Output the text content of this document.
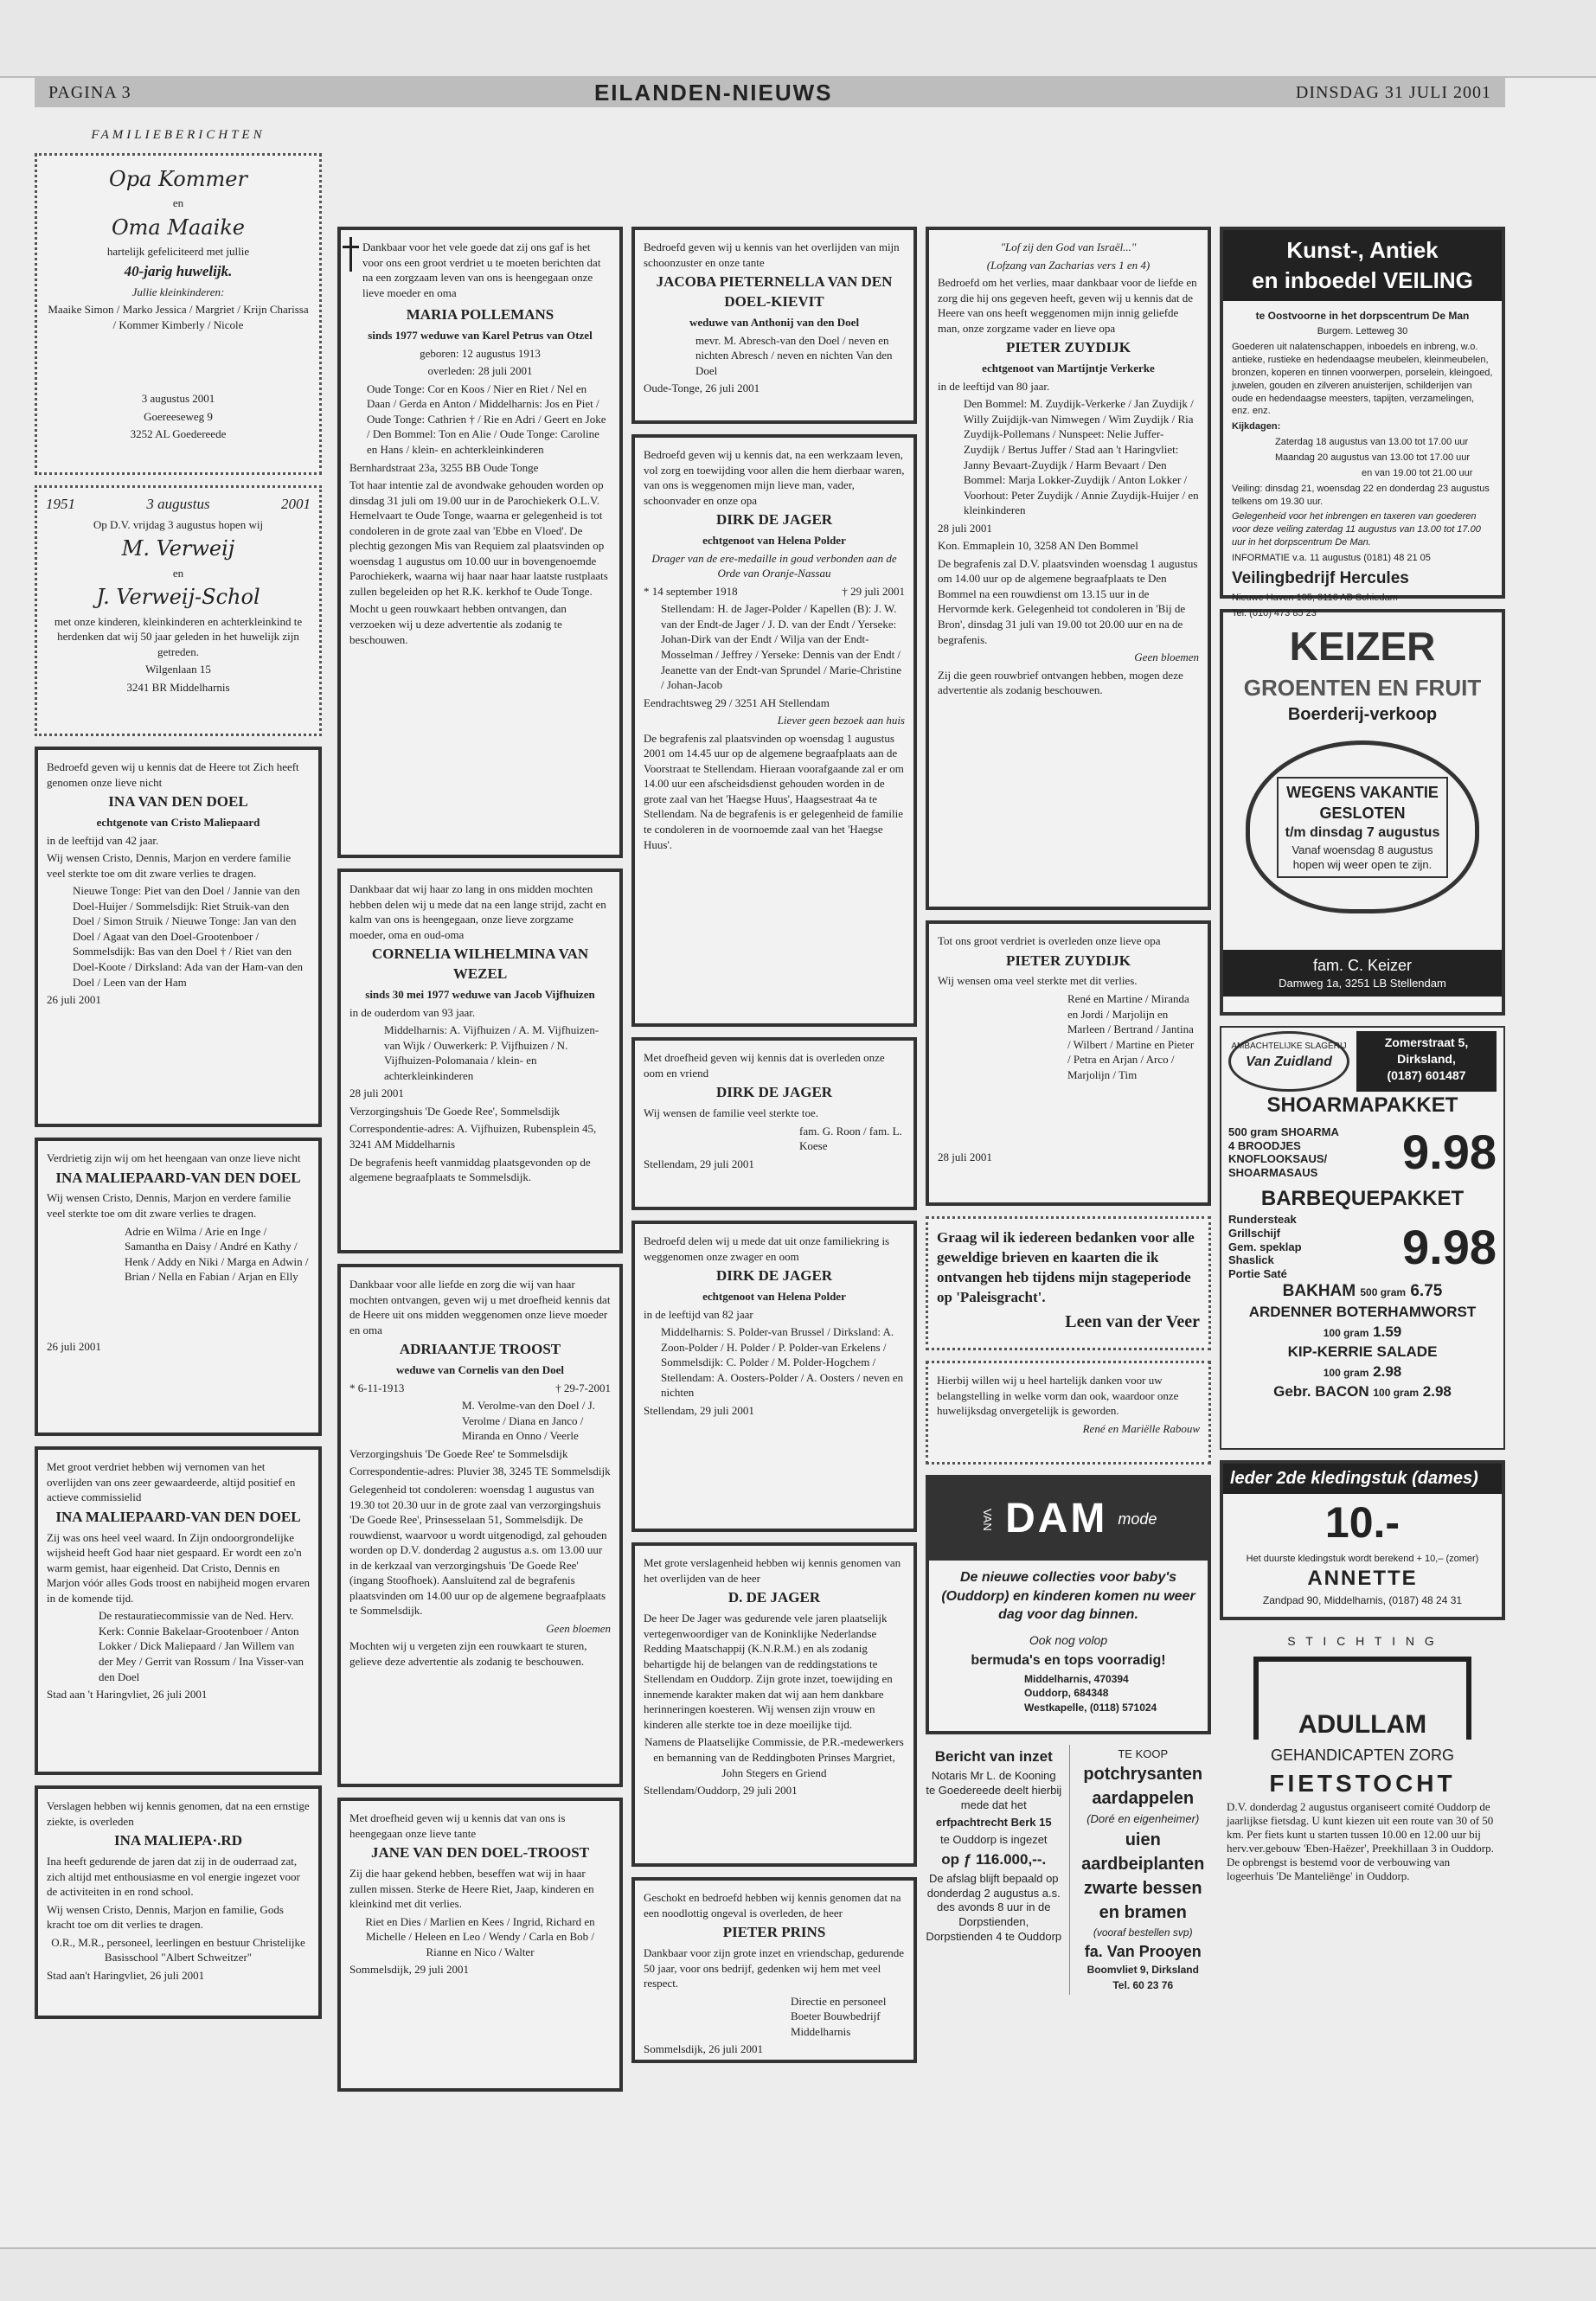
PAGINA 3	EILANDEN-NIEUWS	DINSDAG 31 JULI 2001
FAMILIEBERICHTEN

Opa Kommer

en

Oma Maaike

hartelijk gefeliciteerd met jullie

40-jarig huwelijk.

Jullie kleinkinderen:

Maaike Simon / Marko Jessica / Margriet / Krijn Charissa / Kommer Kimberly / Nicole

3 augustus 2001

Goereeseweg 9

3252 AL Goedereede

1951	3 augustus	2001

Op D.V. vrijdag 3 augustus hopen wij

M. Verweij

en

J. Verweij-Schol

met onze kinderen, kleinkinderen en achterkleinkind te herdenken dat wij 50 jaar geleden in het huwelijk zijn getreden.

Wilgenlaan 15

3241 BR Middelharnis

Bedroefd geven wij u kennis dat de Heere tot Zich heeft genomen onze lieve nicht

INA VAN DEN DOEL

echtgenote van Cristo Maliepaard

in de leeftijd van 42 jaar.

Wij wensen Cristo, Dennis, Marjon en verdere familie veel sterkte toe om dit zware verlies te dragen.

Nieuwe Tonge: Piet van den Doel / Jannie van den Doel-Huijer / Sommelsdijk: Riet Struik-van den Doel / Simon Struik / Nieuwe Tonge: Jan van den Doel / Agaat van den Doel-Grootenboer / Sommelsdijk: Bas van den Doel † / Riet van den Doel-Koote / Dirksland: Ada van der Ham-van den Doel / Leen van der Ham

26 juli 2001

Verdrietig zijn wij om het heengaan van onze lieve nicht

INA MALIEPAARD-VAN DEN DOEL

Wij wensen Cristo, Dennis, Marjon en verdere familie veel sterkte toe om dit zware verlies te dragen.

Adrie en Wilma / Arie en Inge / Samantha en Daisy / André en Kathy / Henk / Addy en Niki / Marga en Adwin / Brian / Nella en Fabian / Arjan en Elly

26 juli 2001

Met groot verdriet hebben wij vernomen van het overlijden van ons zeer gewaardeerde, altijd positief en actieve commissielid

INA MALIEPAARD-VAN DEN DOEL

Zij was ons heel veel waard. In Zijn ondoorgrondelijke wijsheid heeft God haar niet gespaard. Er wordt een zo'n warm gemist, haar eigenheid. Dat Cristo, Dennis en Marjon vóór alles Gods troost en nabijheid mogen ervaren in de komende tijd.

De restauratiecommissie van de Ned. Herv. Kerk: Connie Bakelaar-Grootenboer / Anton Lokker / Dick Maliepaard / Jan Willem van der Mey / Gerrit van Rossum / Ina Visser-van den Doel

Stad aan 't Haringvliet, 26 juli 2001

Verslagen hebben wij kennis genomen, dat na een ernstige ziekte, is overleden

INA MALIEPA·.RD

Ina heeft gedurende de jaren dat zij in de ouderraad zat, zich altijd met enthousiasme en vol energie ingezet voor de activiteiten in en rond school.

Wij wensen Cristo, Dennis, Marjon en familie, Gods kracht toe om dit verlies te dragen.

O.R., M.R., personeel, leerlingen en bestuur Christelijke Basisschool "Albert Schweitzer"

Stad aan't Haringvliet, 26 juli 2001

Dankbaar voor het vele goede dat zij ons gaf is het voor ons een groot verdriet u te moeten berichten dat na een zorgzaam leven van ons is heengegaan onze lieve moeder en oma

MARIA POLLEMANS

sinds 1977 weduwe van Karel Petrus van Otzel

geboren: 12 augustus 1913

overleden: 28 juli 2001

Oude Tonge: Cor en Koos / Nier en Riet / Nel en Daan / Gerda en Anton / Middelharnis: Jos en Piet / Oude Tonge: Cathrien † / Rie en Adri / Geert en Joke / Den Bommel: Ton en Alie / Oude Tonge: Caroline en Hans / klein- en achterkleinkinderen

Bernhardstraat 23a, 3255 BB Oude Tonge

Tot haar intentie zal de avondwake gehouden worden op dinsdag 31 juli om 19.00 uur in de Parochiekerk O.L.V. Hemelvaart te Oude Tonge, waarna er gelegenheid is tot condoleren in de grote zaal van 'Ebbe en Vloed'. De plechtig gezongen Mis van Requiem zal plaatsvinden op woensdag 1 augustus om 10.00 uur in bovengenoemde Parochiekerk, waarna wij haar naar haar laatste rustplaats zullen begeleiden op het R.K. kerkhof te Oude Tonge.

Mocht u geen rouwkaart hebben ontvangen, dan verzoeken wij u deze advertentie als zodanig te beschouwen.

Dankbaar dat wij haar zo lang in ons midden mochten hebben delen wij u mede dat na een lange strijd, zacht en kalm van ons is heengegaan, onze lieve zorgzame moeder, oma en oud-oma

CORNELIA WILHELMINA VAN WEZEL

sinds 30 mei 1977 weduwe van Jacob Vijfhuizen

in de ouderdom van 93 jaar.

Middelharnis: A. Vijfhuizen / A. M. Vijfhuizen-van Wijk / Ouwerkerk: P. Vijfhuizen / N. Vijfhuizen-Polomanaia / klein- en achterkleinkinderen

28 juli 2001

Verzorgingshuis 'De Goede Ree', Sommelsdijk

Correspondentie-adres: A. Vijfhuizen, Rubensplein 45, 3241 AM Middelharnis

De begrafenis heeft vanmiddag plaatsgevonden op de algemene begraafplaats te Sommelsdijk.

Dankbaar voor alle liefde en zorg die wij van haar mochten ontvangen, geven wij u met droefheid kennis dat de Heere uit ons midden weggenomen onze lieve moeder en oma

ADRIAANTJE TROOST

weduwe van Cornelis van den Doel

* 6-11-1913	† 29-7-2001

M. Verolme-van den Doel / J. Verolme / Diana en Janco / Miranda en Onno / Veerle

Verzorgingshuis 'De Goede Ree' te Sommelsdijk

Correspondentie-adres: Pluvier 38, 3245 TE Sommelsdijk

Gelegenheid tot condoleren: woensdag 1 augustus van 19.30 tot 20.30 uur in de grote zaal van verzorgingshuis 'De Goede Ree', Prinsesselaan 51, Sommelsdijk. De rouwdienst, waarvoor u wordt uitgenodigd, zal gehouden worden op D.V. donderdag 2 augustus a.s. om 13.00 uur in de kerkzaal van verzorgingshuis 'De Goede Ree' (ingang Stoofhoek). Aansluitend zal de begrafenis plaatsvinden om 14.00 uur op de algemene begraafplaats te Sommelsdijk.

Geen bloemen

Mochten wij u vergeten zijn een rouwkaart te sturen, gelieve deze advertentie als zodanig te beschouwen.

Met droefheid geven wij u kennis dat van ons is heengegaan onze lieve tante

JANE VAN DEN DOEL-TROOST

Zij die haar gekend hebben, beseffen wat wij in haar zullen missen. Sterke de Heere Riet, Jaap, kinderen en kleinkind met dit verlies.

Riet en Dies / Marlien en Kees / Ingrid, Richard en Michelle / Heleen en Leo / Wendy / Carla en Bob / Rianne en Nico / Walter

Sommelsdijk, 29 juli 2001

Bedroefd geven wij u kennis van het overlijden van mijn schoonzuster en onze tante

JACOBA PIETERNELLA VAN DEN DOEL-KIEVIT

weduwe van Anthonij van den Doel

mevr. M. Abresch-van den Doel / neven en nichten Abresch / neven en nichten Van den Doel

Oude-Tonge, 26 juli 2001

Bedroefd geven wij u kennis dat, na een werkzaam leven, vol zorg en toewijding voor allen die hem dierbaar waren, van ons is weggenomen mijn lieve man, vader, schoonvader en onze opa

DIRK DE JAGER

echtgenoot van Helena Polder

Drager van de ere-medaille in goud verbonden aan de Orde van Oranje-Nassau

* 14 september 1918	† 29 juli 2001

Stellendam: H. de Jager-Polder / Kapellen (B): J. W. van der Endt-de Jager / J. D. van der Endt / Yerseke: Johan-Dirk van der Endt / Wilja van der Endt-Mosselman / Jeffrey / Yerseke: Dennis van der Endt / Jeanette van der Endt-van Sprundel / Marie-Christine / Johan-Jacob

Eendrachtsweg 29 / 3251 AH Stellendam

Liever geen bezoek aan huis

De begrafenis zal plaatsvinden op woensdag 1 augustus 2001 om 14.45 uur op de algemene begraafplaats aan de Voorstraat te Stellendam. Hieraan voorafgaande zal er om 14.00 uur een afscheidsdienst gehouden worden in de grote zaal van het 'Haegse Huus', Haagsestraat 4a te Stellendam. Na de begrafenis is er gelegenheid de familie te condoleren in de voornoemde zaal van het 'Haegse Huus'.

Met droefheid geven wij kennis dat is overleden onze oom en vriend

DIRK DE JAGER

Wij wensen de familie veel sterkte toe.

fam. G. Roon / fam. L. Koese

Stellendam, 29 juli 2001

Bedroefd delen wij u mede dat uit onze familiekring is weggenomen onze zwager en oom

DIRK DE JAGER

echtgenoot van Helena Polder

in de leeftijd van 82 jaar

Middelharnis: S. Polder-van Brussel / Dirksland: A. Zoon-Polder / H. Polder / P. Polder-van Erkelens / Sommelsdijk: C. Polder / M. Polder-Hogchem / Stellendam: A. Oosters-Polder / A. Oosters / neven en nichten

Stellendam, 29 juli 2001

Met grote verslagenheid hebben wij kennis genomen van het overlijden van de heer

D. DE JAGER

De heer De Jager was gedurende vele jaren plaatselijk vertegenwoordiger van de Koninklijke Nederlandse Redding Maatschappij (K.N.R.M.) en als zodanig behartigde hij de belangen van de reddingstations te Stellendam en Ouddorp. Zijn grote inzet, toewijding en innemende karakter maken dat wij aan hem dankbare herinneringen koesteren. Wij wensen zijn vrouw en kinderen alle sterkte toe in deze moeilijke tijd.

Namens de Plaatselijke Commissie, de P.R.-medewerkers en bemanning van de Reddingboten Prinses Margriet, John Stegers en Griend

Stellendam/Ouddorp, 29 juli 2001

Geschokt en bedroefd hebben wij kennis genomen dat na een noodlottig ongeval is overleden, de heer

PIETER PRINS

Dankbaar voor zijn grote inzet en vriendschap, gedurende 50 jaar, voor ons bedrijf, gedenken wij hem met veel respect.

Directie en personeel Boeter Bouwbedrijf Middelharnis

Sommelsdijk, 26 juli 2001

"Lof zij den God van Israël..."

(Lofzang van Zacharias vers 1 en 4)

Bedroefd om het verlies, maar dankbaar voor de liefde en zorg die hij ons gegeven heeft, geven wij u kennis dat de Heere van ons heeft weggenomen mijn innig geliefde man, onze zorgzame vader en lieve opa

PIETER ZUYDIJK

echtgenoot van Martijntje Verkerke

in de leeftijd van 80 jaar.

Den Bommel: M. Zuydijk-Verkerke / Jan Zuydijk / Willy Zuijdijk-van Nimwegen / Wim Zuydijk / Ria Zuydijk-Pollemans / Nunspeet: Nelie Juffer-Zuydijk / Bertus Juffer / Stad aan 't Haringvliet: Janny Bevaart-Zuydijk / Harm Bevaart / Den Bommel: Marja Lokker-Zuydijk / Anton Lokker / Voorhout: Peter Zuydijk / Annie Zuydijk-Huijer / en kleinkinderen

28 juli 2001

Kon. Emmaplein 10, 3258 AN Den Bommel

De begrafenis zal D.V. plaatsvinden woensdag 1 augustus om 14.00 uur op de algemene begraafplaats te Den Bommel na een rouwdienst om 13.15 uur in de Hervormde kerk. Gelegenheid tot condoleren in 'Bij de Bron', dinsdag 31 juli van 19.00 tot 20.00 uur en na de begrafenis.

Geen bloemen

Zij die geen rouwbrief ontvangen hebben, mogen deze advertentie als zodanig beschouwen.

Tot ons groot verdriet is overleden onze lieve opa

PIETER ZUYDIJK

Wij wensen oma veel sterkte met dit verlies.

René en Martine / Miranda en Jordi / Marjolijn en Marleen / Bertrand / Jantina / Wilbert / Martine en Pieter / Petra en Arjan / Arco / Marjolijn / Tim

28 juli 2001

Graag wil ik iedereen bedanken voor alle geweldige brieven en kaarten die ik ontvangen heb tijdens mijn stageperiode op 'Paleisgracht'.

Leen van der Veer

Hierbij willen wij u heel hartelijk danken voor uw belangstelling in welke vorm dan ook, waardoor onze huwelijksdag onvergetelijk is geworden.

René en Mariëlle Rabouw

VAN DAM mode

De nieuwe collecties voor baby's (Ouddorp) en kinderen komen nu weer dag voor dag binnen.

Ook nog volop

bermuda's en tops voorradig!

Middelharnis, 470394
Ouddorp, 684348
Westkapelle, (0118) 571024

Bericht van inzet

Notaris Mr L. de Kooning te Goedereede deelt hierbij mede dat het

erfpachtrecht Berk 15

te Ouddorp is ingezet

op ƒ 116.000,--.

De afslag blijft bepaald op donderdag 2 augustus a.s. des avonds 8 uur in de Dorpstienden, Dorpstienden 4 te Ouddorp

TE KOOP

potchrysanten

aardappelen

(Doré en eigenheimer)

uien

aardbeiplanten

zwarte bessen

en bramen

(vooraf bestellen svp)

fa. Van Prooyen

Boomvliet 9, Dirksland

Tel. 60 23 76

Kunst-, Antiek
en inboedel VEILING

te Oostvoorne in het dorpscentrum De Man

Burgem. Letteweg 30

Goederen uit nalatenschappen, inboedels en inbreng, w.o. antieke, rustieke en hedendaagse meubelen, kleinmeubelen, bronzen, koperen en tinnen voorwerpen, porselein, kleingoed, juwelen, gouden en zilveren anuisterijen, schilderijen van oude en hedendaagse meesters, tapijten, verzamelingen, enz. enz.

Kijkdagen:

Zaterdag 18 augustus van 13.00 tot 17.00 uur

Maandag 20 augustus van 13.00 tot 17.00 uur

en van 19.00 tot 21.00 uur

Veiling: dinsdag 21, woensdag 22 en donderdag 23 augustus telkens om 19.30 uur.

Gelegenheid voor het inbrengen en taxeren van goederen voor deze veiling zaterdag 11 augustus van 13.00 tot 17.00 uur in het dorpscentrum De Man.

INFORMATIE v.a. 11 augustus (0181) 48 21 05

Veilingbedrijf Hercules

Nieuwe Haven 105, 3116 AB Schiedam

Tel. (010) 473 85 23

KEIZER
GROENTEN EN FRUIT
Boerderij-verkoop
WEGENS VAKANTIE
GESLOTEN
t/m dinsdag 7 augustus
Vanaf woensdag 8 augustus
hopen wij weer open te zijn.
fam. C. Keizer
Damweg 1a, 3251 LB Stellendam
AMBACHTELIJKE SLAGERIJ
Van Zuidland
Zomerstraat 5,
Dirksland,
(0187) 601487
SHOARMAPAKKET
500 gram SHOARMA
4 BROODJES
KNOFLOOKSAUS/
SHOARMASAUS	9.98
BARBEQUEPAKKET
Rundersteak
Grillschijf
Gem. speklap
Shaslick
Portie Saté 9.98
BAKHAM 500 gram 6.75
ARDENNER BOTERHAMWORST
100 gram 1.59
KIP-KERRIE SALADE
100 gram 2.98
Gebr. BACON 100 gram 2.98
leder 2de kledingstuk (dames)
10.-
Het duurste kledingstuk wordt berekend + 10,– (zomer)
ANNETTE
Zandpad 90, Middelharnis, (0187) 48 24 31
S T I C H T I N G
ADULLAM
GEHANDICAPTEN ZORG
FIETSTOCHT

D.V. donderdag 2 augustus organiseert comité Ouddorp de jaarlijkse fietsdag. U kunt kiezen uit een route van 30 of 50 km. Per fiets kunt u starten tussen 10.00 en 12.00 uur bij herv.ver.gebouw 'Eben-Haëzer', Preekhillaan 3 in Ouddorp. De opbrengst is bestemd voor de verbouwing van logeerhuis 'De Manteliënge' in Ouddorp.
